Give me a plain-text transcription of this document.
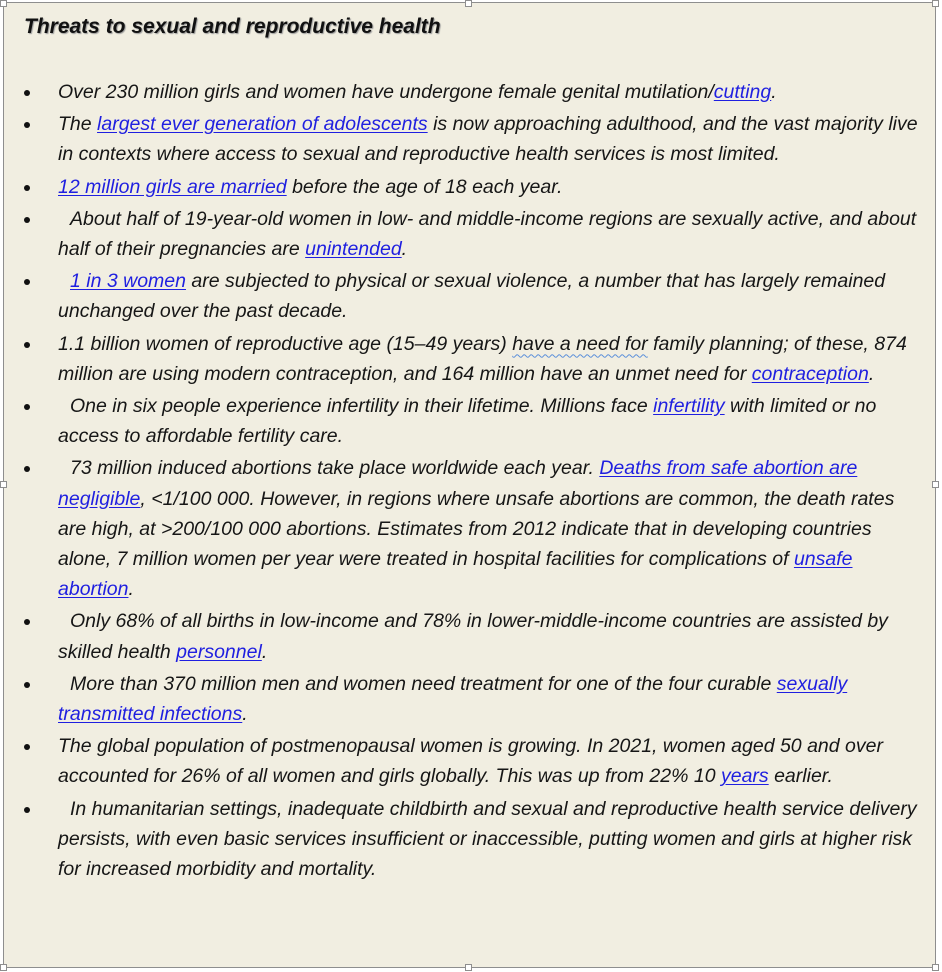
Threats to sexual and reproductive health
Over 230 million girls and women have undergone female genital mutilation/cutting.
The largest ever generation of adolescents is now approaching adulthood, and the vast majority live in contexts where access to sexual and reproductive health services is most limited.
12 million girls are married before the age of 18 each year.
About half of 19-year-old women in low- and middle-income regions are sexually active, and about half of their pregnancies are unintended.
1 in 3 women are subjected to physical or sexual violence, a number that has largely remained unchanged over the past decade.
1.1 billion women of reproductive age (15–49 years) have a need for family planning; of these, 874 million are using modern contraception, and 164 million have an unmet need for contraception.
One in six people experience infertility in their lifetime. Millions face infertility with limited or no access to affordable fertility care.
73 million induced abortions take place worldwide each year. Deaths from safe abortion are negligible, <1/100 000. However, in regions where unsafe abortions are common, the death rates are high, at >200/100 000 abortions. Estimates from 2012 indicate that in developing countries alone, 7 million women per year were treated in hospital facilities for complications of unsafe abortion.
Only 68% of all births in low-income and 78% in lower-middle-income countries are assisted by skilled health personnel.
More than 370 million men and women need treatment for one of the four curable sexually transmitted infections.
The global population of postmenopausal women is growing. In 2021, women aged 50 and over accounted for 26% of all women and girls globally. This was up from 22% 10 years earlier.
In humanitarian settings, inadequate childbirth and sexual and reproductive health service delivery persists, with even basic services insufficient or inaccessible, putting women and girls at higher risk for increased morbidity and mortality.
